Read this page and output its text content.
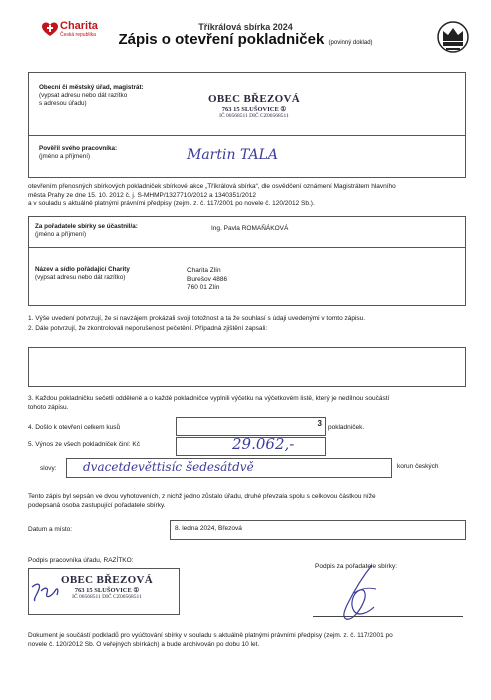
Charita
Česká republika
Tříkrálová sbírka 2024
Zápis o otevření pokladniček (povinný doklad)
Obecní či městský úřad, magistrát:
(vypsat adresu nebo dát razítko
s adresou úřadu)	OBEC BŘEZOVÁ
763 15 SLUŠOVICE ①
IČ 00568511 DIČ CZ00568511
Pověřil svého pracovníka:
(jméno a příjmení)	Martin TALA
otevřením přenosných sbírkových pokladniček sbírkové akce „Tříkrálová sbírka“, dle osvědčení oznámení Magistrátem hlavního
města Prahy ze dne 15. 10. 2012 č. j. S-MHMP/1327710/2012 a 1340351/2012
a v souladu s aktuálně platnými právními předpisy (zejm. z. č. 117/2001 po novele č. 120/2012 Sb.).
Za pořadatele sbírky se účastnil/a:
(jméno a příjmení)
Ing. Pavla ROMAŇÁKOVÁ
Název a sídlo pořádající Charity
(vypsat adresu nebo dát razítko)
Charita Zlín
Burešov 4886
760 01 Zlín
1. Výše uvedení potvrzují, že si navzájem prokázali svoji totožnost a ta že souhlasí s údaji uvedenými v tomto zápisu.
2. Dále potvrzují, že zkontrolovali neporušenost pečetění. Případná zjištění zapsali:
3. Každou pokladničku sečetli odděleně a o každé pokladničce vyplnili výčetku na výčetkovém listě, který je nedílnou součástí
tohoto zápisu.
4. Došlo k otevření celkem kusů	3 pokladniček.
5. Výnos ze všech pokladniček činí: Kč	29.062,-
slovy: dvacetdevěttisíc šedesátdvě	korun českých
Tento zápis byl sepsán ve dvou vyhotoveních, z nichž jedno zůstalo úřadu, druhé převzala spolu s celkovou částkou níže
podepsaná osoba zastupující pořadatele sbírky.
Datum a místo:	8. ledna 2024, Březová
Podpis pracovníka úřadu, RAZÍTKO:
Podpis za pořadatele sbírky:
OBEC BŘEZOVÁ
763 15 SLUŠOVICE ①
IČ 00568511 DIČ CZ00568511
Dokument je součástí podkladů pro vyúčtování sbírky v souladu s aktuálně platnými právními předpisy (zejm. z. č. 117/2001 po
novele č. 120/2012 Sb. O veřejných sbírkách) a bude archivován po dobu 10 let.
